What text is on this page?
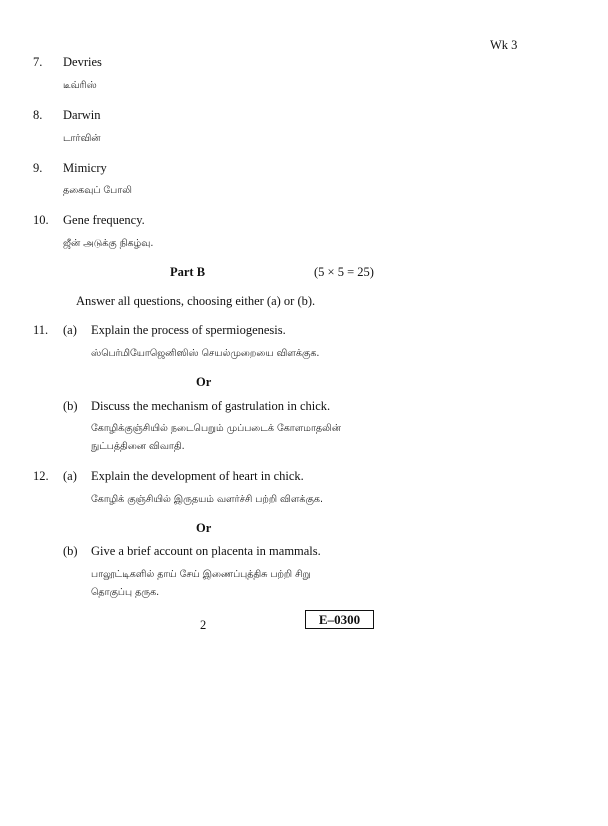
Wk 3
7. Devries
டீவ்ரிஸ்
8. Darwin
டார்வின்
9. Mimicry
தகைவுப் போலி
10. Gene frequency.
ஜீன் அடுக்கு நிகழ்வு.
Part B	(5 × 5 = 25)
Answer all questions, choosing either (a) or (b).
11. (a) Explain the process of spermiogenesis.
ஸ்பெர்மியோஜெனிஸிஸ் செயல்முறையை விளக்குக.
Or
(b) Discuss the mechanism of gastrulation in chick.
கோழிக்குஞ்சியில் நடைபெறும் முப்படைக் கோளமாதலின்
நுட்பத்தினை விவாதி.
12. (a) Explain the development of heart in chick.
கோழிக் குஞ்சியில் இருதயம் வளர்ச்சி பற்றி விளக்குக.
Or
(b) Give a brief account on placenta in mammals.
பாலூட்டிகளில் தாய் சேய் இணைப்புத்திசு பற்றி சிறு
தொகுப்பு தருக.
2	E–0300
